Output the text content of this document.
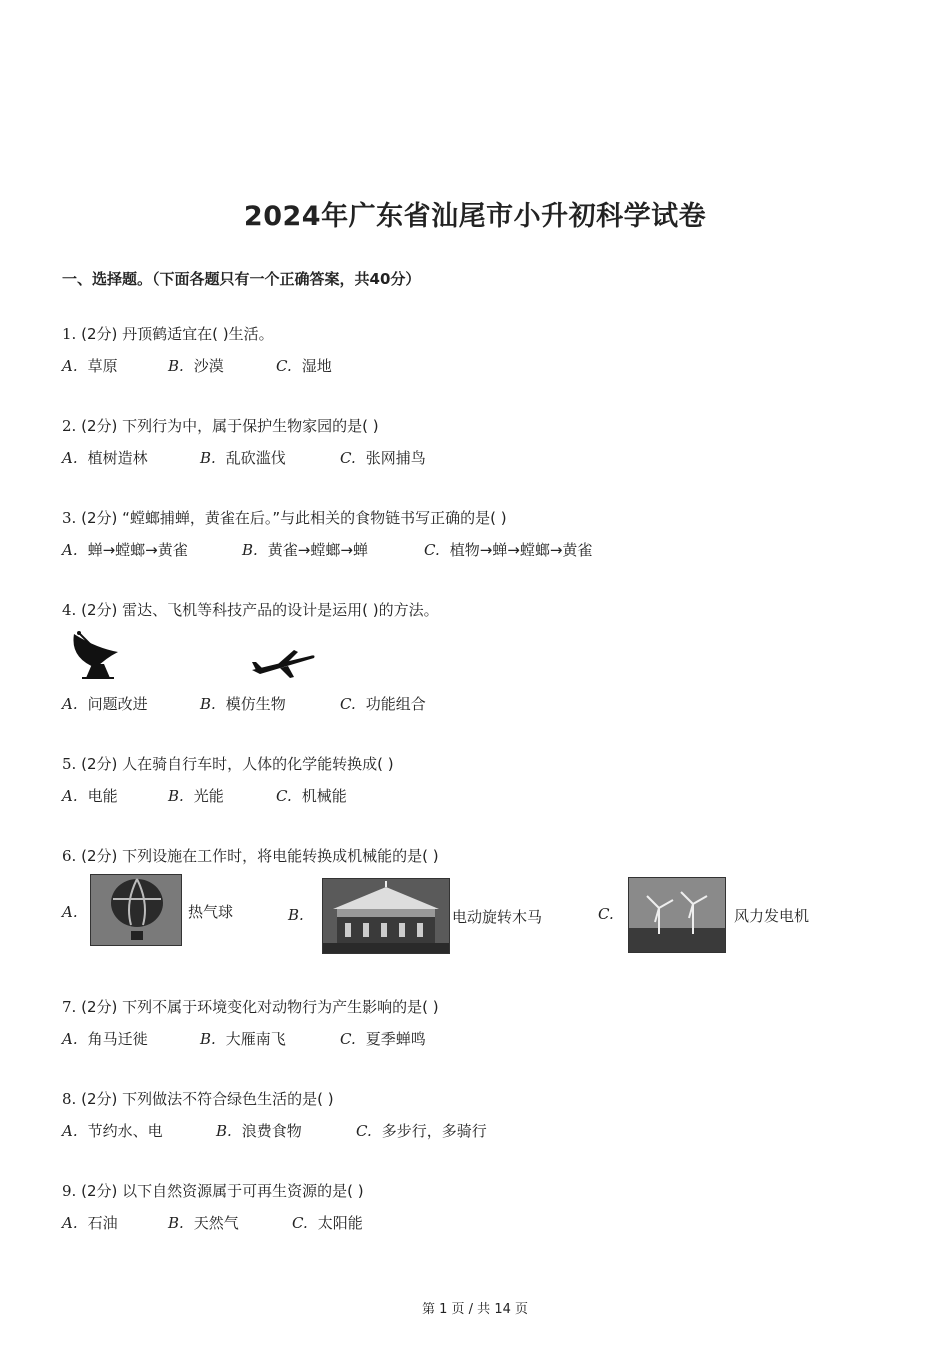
2024年广东省汕尾市小升初科学试卷
一、选择题。（下面各题只有一个正确答案，共40分）
1. (2分) 丹顶鹤适宜在( )生活。
A. 草原	B. 沙漠	C. 湿地
2. (2分) 下列行为中，属于保护生物家园的是( )
A. 植树造林	B. 乱砍滥伐	C. 张网捕鸟
3. (2分) “螳螂捕蝉，黄雀在后。”与此相关的食物链书写正确的是( )
A. 蝉→螳螂→黄雀	B. 黄雀→螳螂→蝉	C. 植物→蝉→螳螂→黄雀
4. (2分) 雷达、飞机等科技产品的设计是运用( )的方法。
A. 问题改进	B. 模仿生物	C. 功能组合
5. (2分) 人在骑自行车时，人体的化学能转换成( )
A. 电能	B. 光能	C. 机械能
6. (2分) 下列设施在工作时，将电能转换成机械能的是( )
A.	热气球	B.	电动旋转木马	C.	风力发电机
7. (2分) 下列不属于环境变化对动物行为产生影响的是( )
A. 角马迁徙	B. 大雁南飞	C. 夏季蝉鸣
8. (2分) 下列做法不符合绿色生活的是( )
A. 节约水、电	B. 浪费食物	C. 多步行，多骑行
9. (2分) 以下自然资源属于可再生资源的是( )
A. 石油	B. 天然气	C. 太阳能
第 1 页 / 共 14 页
